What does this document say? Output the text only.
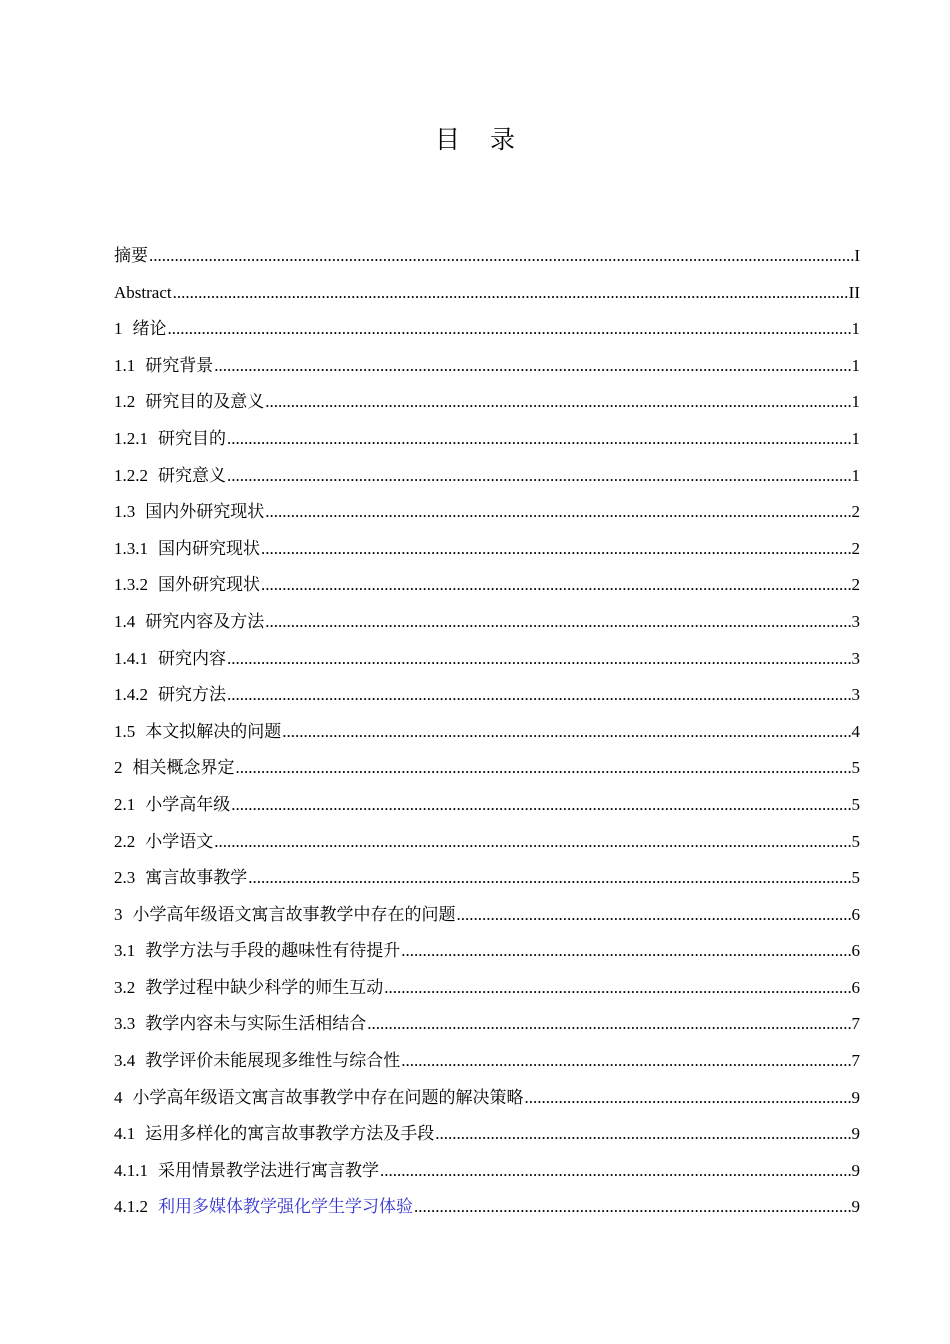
目录
摘要 .....	I
Abstract .....	II
1 绪论 .....	1
1.1 研究背景 .....	1
1.2 研究目的及意义 .....	1
1.2.1 研究目的 .....	1
1.2.2 研究意义 .....	1
1.3 国内外研究现状 .....	2
1.3.1 国内研究现状 .....	2
1.3.2 国外研究现状 .....	2
1.4 研究内容及方法 .....	3
1.4.1 研究内容 .....	3
1.4.2 研究方法 .....	3
1.5 本文拟解决的问题 .....	4
2 相关概念界定 .....	5
2.1 小学高年级 .....	5
2.2 小学语文 .....	5
2.3 寓言故事教学 .....	5
3 小学高年级语文寓言故事教学中存在的问题 .....	6
3.1 教学方法与手段的趣味性有待提升 .....	6
3.2 教学过程中缺少科学的师生互动 .....	6
3.3 教学内容未与实际生活相结合 .....	7
3.4 教学评价未能展现多维性与综合性 .....	7
4 小学高年级语文寓言故事教学中存在问题的解决策略 .....	9
4.1 运用多样化的寓言故事教学方法及手段 .....	9
4.1.1 采用情景教学法进行寓言教学 .....	9
4.1.2 利用多媒体教学强化学生学习体验 .....	9
